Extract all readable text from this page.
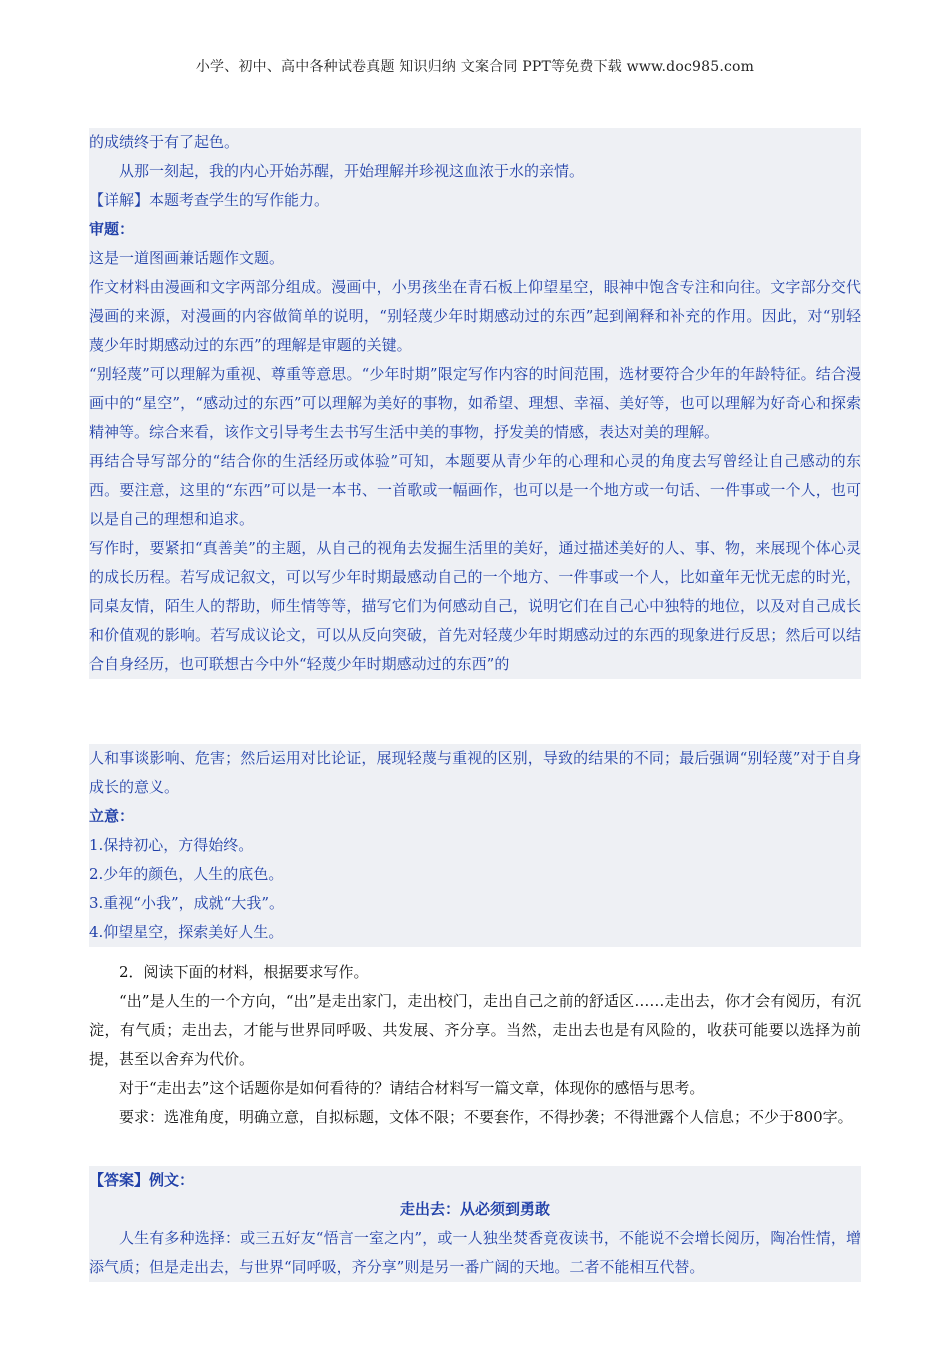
小学、初中、高中各种试卷真题 知识归纳 文案合同 PPT等免费下载 www.doc985.com

的成绩终于有了起色。

从那一刻起，我的内心开始苏醒，开始理解并珍视这血浓于水的亲情。

【详解】本题考查学生的写作能力。

审题：

这是一道图画兼话题作文题。

作文材料由漫画和文字两部分组成。漫画中，小男孩坐在青石板上仰望星空，眼神中饱含专注和向往。文字部分交代漫画的来源，对漫画的内容做简单的说明，“别轻蔑少年时期感动过的东西”起到阐释和补充的作用。因此，对“别轻蔑少年时期感动过的东西”的理解是审题的关键。

“别轻蔑”可以理解为重视、尊重等意思。“少年时期”限定写作内容的时间范围，选材要符合少年的年龄特征。结合漫画中的“星空”，“感动过的东西”可以理解为美好的事物，如希望、理想、幸福、美好等，也可以理解为好奇心和探索精神等。综合来看，该作文引导考生去书写生活中美的事物，抒发美的情感，表达对美的理解。

再结合导写部分的“结合你的生活经历或体验”可知，本题要从青少年的心理和心灵的角度去写曾经让自己感动的东西。要注意，这里的“东西”可以是一本书、一首歌或一幅画作，也可以是一个地方或一句话、一件事或一个人，也可以是自己的理想和追求。

写作时，要紧扣“真善美”的主题，从自己的视角去发掘生活里的美好，通过描述美好的人、事、物，来展现个体心灵的成长历程。若写成记叙文，可以写少年时期最感动自己的一个地方、一件事或一个人，比如童年无忧无虑的时光，同桌友情，陌生人的帮助，师生情等等，描写它们为何感动自己，说明它们在自己心中独特的地位，以及对自己成长和价值观的影响。若写成议论文，可以从反向突破，首先对轻蔑少年时期感动过的东西的现象进行反思；然后可以结合自身经历，也可联想古今中外“轻蔑少年时期感动过的东西”的

人和事谈影响、危害；然后运用对比论证，展现轻蔑与重视的区别，导致的结果的不同；最后强调“别轻蔑”对于自身成长的意义。

立意：

1.保持初心，方得始终。

2.少年的颜色，人生的底色。

3.重视“小我”，成就“大我”。

4.仰望星空，探索美好人生。

2．阅读下面的材料，根据要求写作。

“出”是人生的一个方向，“出”是走出家门，走出校门，走出自己之前的舒适区……走出去，你才会有阅历，有沉淀，有气质；走出去，才能与世界同呼吸、共发展、齐分享。当然，走出去也是有风险的，收获可能要以选择为前提，甚至以舍弃为代价。

对于“走出去”这个话题你是如何看待的？请结合材料写一篇文章，体现你的感悟与思考。

要求：选准角度，明确立意，自拟标题，文体不限；不要套作，不得抄袭；不得泄露个人信息；不少于800字。

【答案】例文：

走出去：从必须到勇敢

人生有多种选择：或三五好友“悟言一室之内”，或一人独坐焚香竟夜读书，不能说不会增长阅历，陶冶性情，增添气质；但是走出去，与世界“同呼吸，齐分享”则是另一番广阔的天地。二者不能相互代替。
